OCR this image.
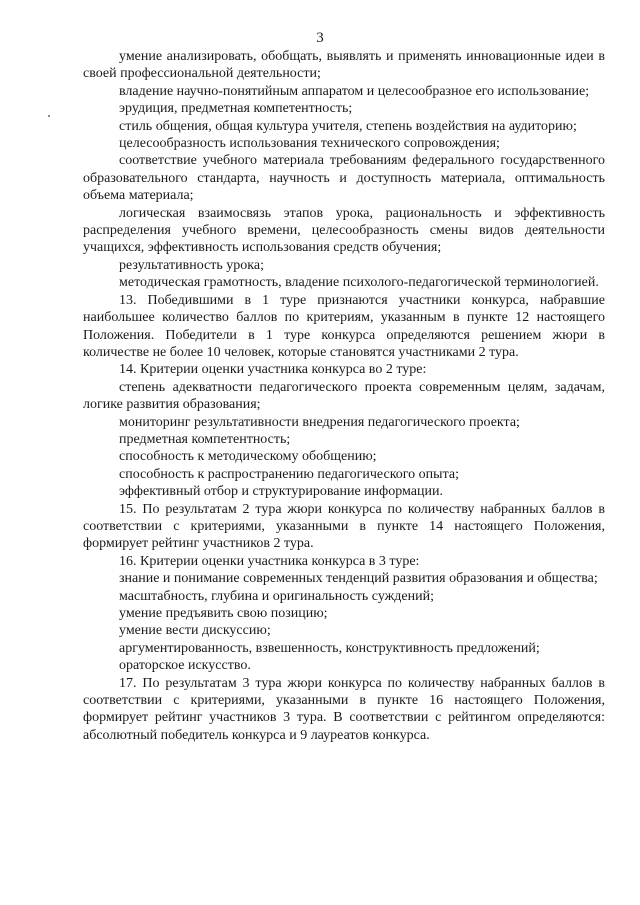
3

умение анализировать, обобщать, выявлять и применять инновационные идеи в своей профессиональной деятельности;

владение научно-понятийным аппаратом и целесообразное его использование;

эрудиция, предметная компетентность;

стиль общения, общая культура учителя, степень воздействия на аудиторию;

целесообразность использования технического сопровождения;

соответствие учебного материала требованиям федерального государственного образовательного стандарта, научность и доступность материала, оптимальность объема материала;

логическая взаимосвязь этапов урока, рациональность и эффективность распределения учебного времени, целесообразность смены видов деятельности учащихся, эффективность использования средств обучения;

результативность урока;

методическая грамотность, владение психолого-педагогической терминологией.

13. Победившими в 1 туре признаются участники конкурса, набравшие наибольшее количество баллов по критериям, указанным в пункте 12 настоящего Положения. Победители в 1 туре конкурса определяются решением жюри в количестве не более 10 человек, которые становятся участниками 2 тура.

14. Критерии оценки участника конкурса во 2 туре:

степень адекватности педагогического проекта современным целям, задачам, логике развития образования;

мониторинг результативности внедрения педагогического проекта;

предметная компетентность;

способность к методическому обобщению;

способность к распространению педагогического опыта;

эффективный отбор и структурирование информации.

15. По результатам 2 тура жюри конкурса по количеству набранных баллов в соответствии с критериями, указанными в пункте 14 настоящего Положения, формирует рейтинг участников 2 тура.

16. Критерии оценки участника конкурса в 3 туре:

знание и понимание современных тенденций развития образования и общества;

масштабность, глубина и оригинальность суждений;

умение предъявить свою позицию;

умение вести дискуссию;

аргументированность, взвешенность, конструктивность предложений;

ораторское искусство.

17. По результатам 3 тура жюри конкурса по количеству набранных баллов в соответствии с критериями, указанными в пункте 16 настоящего Положения, формирует рейтинг участников 3 тура. В соответствии с рейтингом определяются: абсолютный победитель конкурса и 9 лауреатов конкурса.
